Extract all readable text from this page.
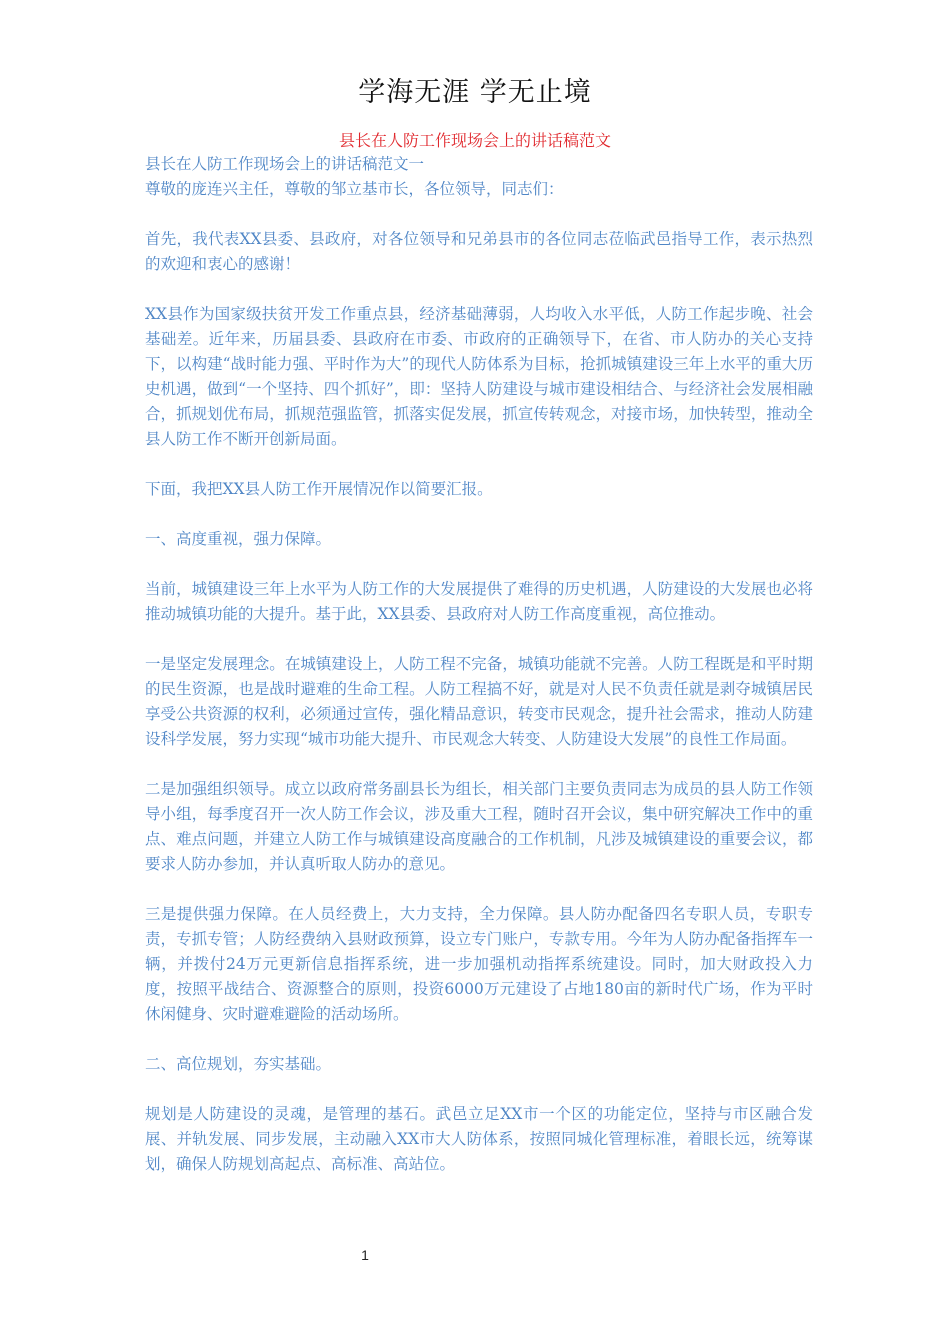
学海无涯 学无止境
县长在人防工作现场会上的讲话稿范文

县长在人防工作现场会上的讲话稿范文一

尊敬的庞连兴主任，尊敬的邹立基市长，各位领导，同志们：

首先，我代表XX县委、县政府，对各位领导和兄弟县市的各位同志莅临武邑指导工作，表示热烈的欢迎和衷心的感谢！

XX县作为国家级扶贫开发工作重点县，经济基础薄弱，人均收入水平低，人防工作起步晚、社会基础差。近年来，历届县委、县政府在市委、市政府的正确领导下，在省、市人防办的关心支持下，以构建“战时能力强、平时作为大”的现代人防体系为目标，抢抓城镇建设三年上水平的重大历史机遇，做到“一个坚持、四个抓好”，即：坚持人防建设与城市建设相结合、与经济社会发展相融合，抓规划优布局，抓规范强监管，抓落实促发展，抓宣传转观念，对接市场，加快转型，推动全县人防工作不断开创新局面。

下面，我把XX县人防工作开展情况作以简要汇报。

一、高度重视，强力保障。

当前，城镇建设三年上水平为人防工作的大发展提供了难得的历史机遇，人防建设的大发展也必将推动城镇功能的大提升。基于此，XX县委、县政府对人防工作高度重视，高位推动。

一是坚定发展理念。在城镇建设上，人防工程不完备，城镇功能就不完善。人防工程既是和平时期的民生资源，也是战时避难的生命工程。人防工程搞不好，就是对人民不负责任就是剥夺城镇居民享受公共资源的权利，必须通过宣传，强化精品意识，转变市民观念，提升社会需求，推动人防建设科学发展，努力实现“城市功能大提升、市民观念大转变、人防建设大发展”的良性工作局面。

二是加强组织领导。成立以政府常务副县长为组长，相关部门主要负责同志为成员的县人防工作领导小组，每季度召开一次人防工作会议，涉及重大工程，随时召开会议，集中研究解决工作中的重点、难点问题，并建立人防工作与城镇建设高度融合的工作机制，凡涉及城镇建设的重要会议，都要求人防办参加，并认真听取人防办的意见。

三是提供强力保障。在人员经费上，大力支持，全力保障。县人防办配备四名专职人员，专职专责，专抓专管；人防经费纳入县财政预算，设立专门账户，专款专用。今年为人防办配备指挥车一辆，并拨付24万元更新信息指挥系统，进一步加强机动指挥系统建设。同时，加大财政投入力度，按照平战结合、资源整合的原则，投资6000万元建设了占地180亩的新时代广场，作为平时休闲健身、灾时避难避险的活动场所。

二、高位规划，夯实基础。

规划是人防建设的灵魂，是管理的基石。武邑立足XX市一个区的功能定位，坚持与市区融合发展、并轨发展、同步发展，主动融入XX市大人防体系，按照同城化管理标准，着眼长远，统筹谋划，确保人防规划高起点、高标准、高站位。

1
